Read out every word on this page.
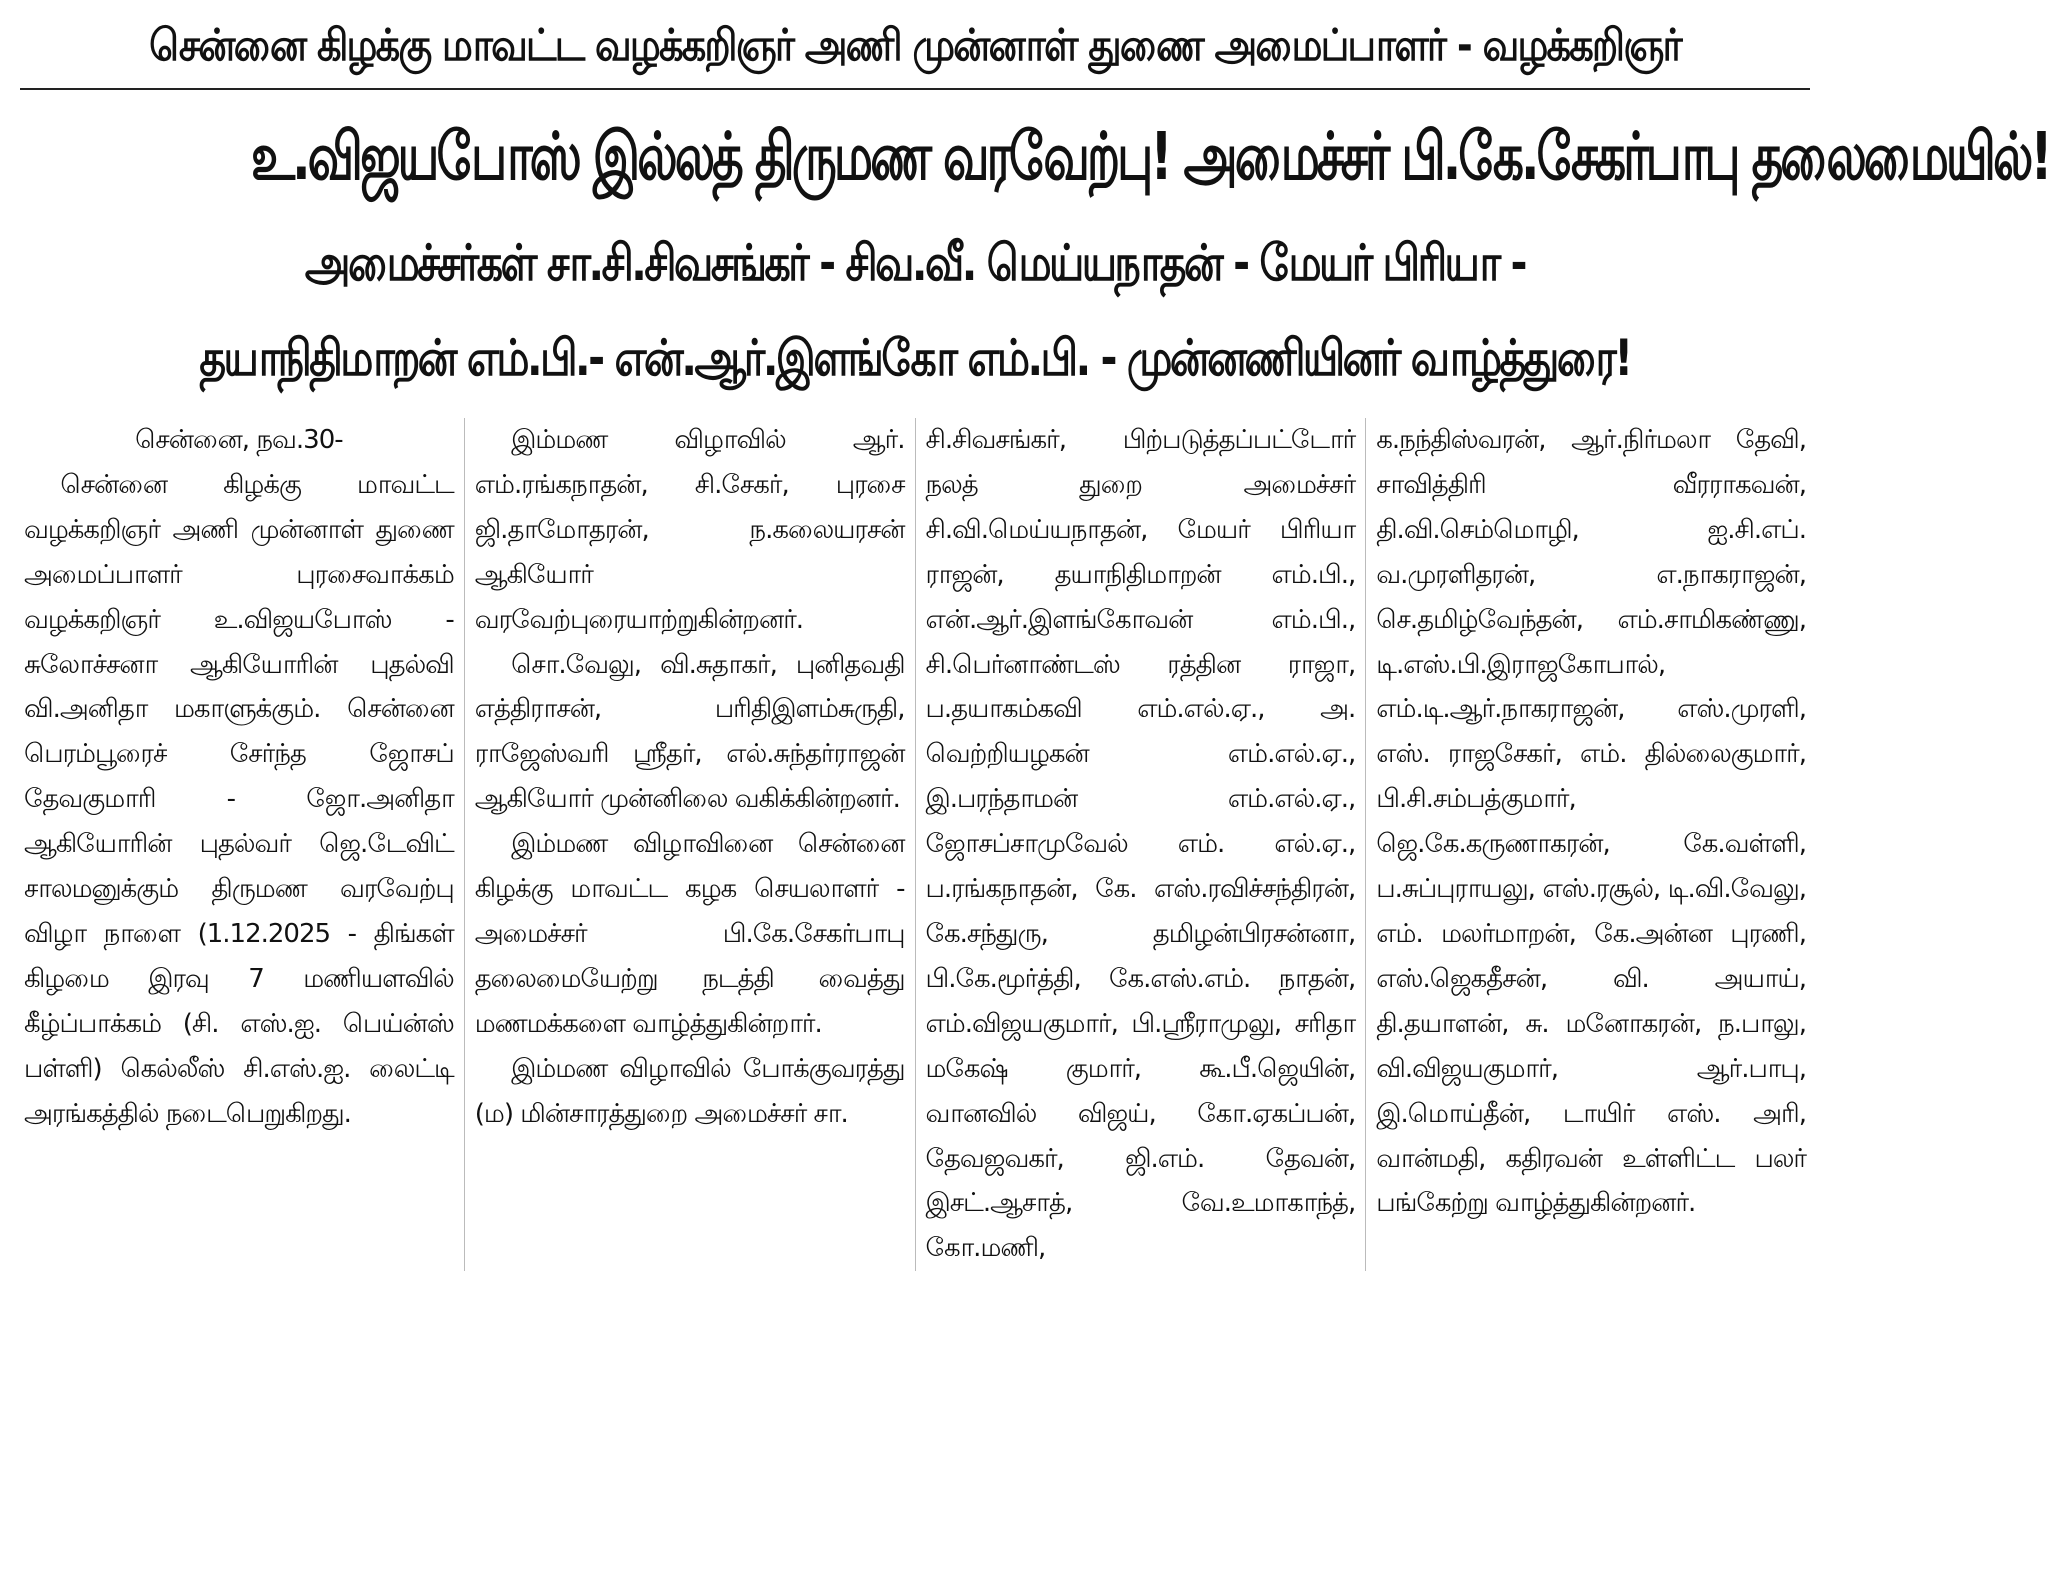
சென்னை கிழக்கு மாவட்ட வழக்கறிஞர் அணி முன்னாள் துணை அமைப்பாளர் - வழக்கறிஞர்
உ.விஜயபோஸ் இல்லத் திருமண வரவேற்பு! அமைச்சர் பி.கே.சேகர்பாபு தலைமையில்!
அமைச்சர்கள் சா.சி.சிவசங்கர் - சிவ.வீ. மெய்யநாதன் - மேயர் பிரியா -
தயாநிதிமாறன் எம்.பி.- என்.ஆர்.இளங்கோ எம்.பி. - முன்னணியினர் வாழ்த்துரை!

சென்னை, நவ.30-

சென்னை கிழக்கு மாவட்ட வழக்கறிஞர் அணி முன்னாள் துணை அமைப்பாளர் புரசைவாக்கம் வழக்கறிஞர் உ.விஜயபோஸ் - சுலோச்சனா ஆகியோரின் புதல்வி வி.அனிதா மகாளுக்கும். சென்னை பெரம்பூரைச் சேர்ந்த ஜோசப் தேவகுமாரி - ஜோ.அனிதா ஆகியோரின் புதல்வர் ஜெ.டேவிட் சாலமனுக்கும் திருமண வரவேற்பு விழா நாளை (1.12.2025 - திங்கள் கிழமை இரவு 7 மணியளவில் கீழ்ப்பாக்கம் (சி. எஸ்.ஐ. பெய்ன்ஸ் பள்ளி) கெல்லீஸ் சி.எஸ்.ஐ. லைட்டி அரங்கத்தில் நடைபெறுகிறது.

இம்மண விழாவில் ஆர். எம்.ரங்கநாதன், சி.சேகர், புரசை ஜி.தாமோதரன், ந.கலையரசன் ஆகியோர் வரவேற்புரையாற்றுகின்றனர்.

சொ.வேலு, வி.சுதாகர், புனிதவதி எத்திராசன், பரிதிஇளம்சுருதி, ராஜேஸ்வரி ஸ்ரீதர், எல்.சுந்தர்ராஜன் ஆகியோர் முன்னிலை வகிக்கின்றனர்.

இம்மண விழாவினை சென்னை கிழக்கு மாவட்ட கழக செயலாளர் - அமைச்சர் பி.கே.சேகர்பாபு தலைமையேற்று நடத்தி வைத்து மணமக்களை வாழ்த்துகின்றார்.

இம்மண விழாவில் போக்குவரத்து (ம) மின்சாரத்துறை அமைச்சர் சா.

சி.சிவசங்கர், பிற்படுத்தப்பட்டோர் நலத் துறை அமைச்சர் சி.வி.மெய்யநாதன், மேயர் பிரியா ராஜன், தயாநிதிமாறன் எம்.பி., என்.ஆர்.இளங்கோவன் எம்.பி., சி.பெர்னாண்டஸ் ரத்தின ராஜா, ப.தயாகம்கவி எம்.எல்.ஏ., அ. வெற்றியழகன் எம்.எல்.ஏ., இ.பரந்தாமன் எம்.எல்.ஏ., ஜோசப்சாமுவேல் எம். எல்.ஏ., ப.ரங்கநாதன், கே. எஸ்.ரவிச்சந்திரன், கே.சந்துரு, தமிழன்பிரசன்னா, பி.கே.மூர்த்தி, கே.எஸ்.எம். நாதன், எம்.விஜயகுமார், பி.ஸ்ரீராமுலு, சரிதா மகேஷ் குமார், கூ.பீ.ஜெயின், வானவில் விஜய், கோ.ஏகப்பன், தேவஜவகர், ஜி.எம். தேவன், இசட்.ஆசாத், வே.உமாகாந்த், கோ.மணி,

க.நந்திஸ்வரன், ஆர்.நிர்மலா தேவி, சாவித்திரி வீரராகவன், தி.வி.செம்மொழி, ஐ.சி.எப். வ.முரளிதரன், எ.நாகராஜன், செ.தமிழ்வேந்தன், எம்.சாமிகண்ணு, டி.எஸ்.பி.இராஜகோபால், எம்.டி.ஆர்.நாகராஜன், எஸ்.முரளி, எஸ். ராஜசேகர், எம். தில்லைகுமார், பி.சி.சம்பத்குமார், ஜெ.கே.கருணாகரன், கே.வள்ளி, ப.சுப்புராயலு, எஸ்.ரசூல், டி.வி.வேலு, எம். மலர்மாறன், கே.அன்ன புரணி, எஸ்.ஜெகதீசன், வி. அயாய், தி.தயாளன், சு. மனோகரன், ந.பாலு, வி.விஜயகுமார், ஆர்.பாபு, இ.மொய்தீன், டாயிர் எஸ். அரி, வான்மதி, கதிரவன் உள்ளிட்ட பலர் பங்கேற்று வாழ்த்துகின்றனர்.
